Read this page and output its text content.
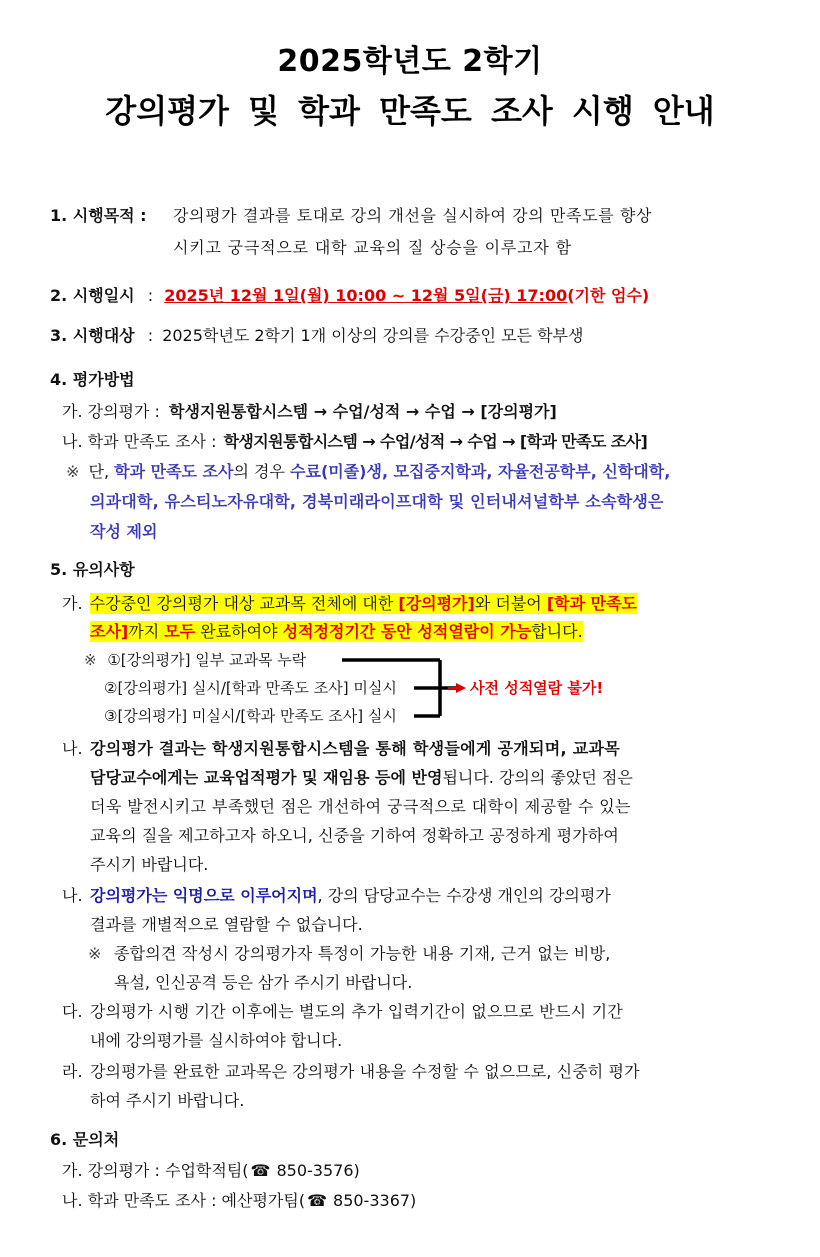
2025학년도 2학기
강의평가 및 학과 만족도 조사 시행 안내
1. 시행목적 : 강의평가 결과를 토대로 강의 개선을 실시하여 강의 만족도를 향상
시키고 궁극적으로 대학 교육의 질 상승을 이루고자 함
2. 시행일시 : 2025년 12월 1일(월) 10:00 ~ 12월 5일(금) 17:00(기한 엄수)
3. 시행대상 : 2025학년도 2학기 1개 이상의 강의를 수강중인 모든 학부생
4. 평가방법
가. 강의평가 : 학생지원통합시스템 → 수업/성적 → 수업 → [강의평가]
나. 학과 만족도 조사 : 학생지원통합시스템 → 수업/성적 → 수업 → [학과 만족도 조사]
※ 단, 학과 만족도 조사의 경우 수료(미졸)생, 모집중지학과, 자율전공학부, 신학대학,
의과대학, 유스티노자유대학, 경북미래라이프대학 및 인터내셔널학부 소속학생은
작성 제외
5. 유의사항
가. 수강중인 강의평가 대상 교과목 전체에 대한 [강의평가]와 더불어 [학과 만족도
조사]까지 모두 완료하여야 성적정정기간 동안 성적열람이 가능합니다.
※ ①[강의평가] 일부 교과목 누락
②[강의평가] 실시/[학과 만족도 조사] 미실시
③[강의평가] 미실시/[학과 만족도 조사] 실시
사전 성적열람 불가!
나. 강의평가 결과는 학생지원통합시스템을 통해 학생들에게 공개되며, 교과목
담당교수에게는 교육업적평가 및 재임용 등에 반영됩니다. 강의의 좋았던 점은
더욱 발전시키고 부족했던 점은 개선하여 궁극적으로 대학이 제공할 수 있는
교육의 질을 제고하고자 하오니, 신중을 기하여 정확하고 공정하게 평가하여
주시기 바랍니다.
나. 강의평가는 익명으로 이루어지며, 강의 담당교수는 수강생 개인의 강의평가
결과를 개별적으로 열람할 수 없습니다.
※ 종합의견 작성시 강의평가자 특정이 가능한 내용 기재, 근거 없는 비방,
욕설, 인신공격 등은 삼가 주시기 바랍니다.
다. 강의평가 시행 기간 이후에는 별도의 추가 입력기간이 없으므로 반드시 기간
내에 강의평가를 실시하여야 합니다.
라. 강의평가를 완료한 교과목은 강의평가 내용을 수정할 수 없으므로, 신중히 평가
하여 주시기 바랍니다.
6. 문의처
가. 강의평가 : 수업학적팀( ☎ 850-3576)
나. 학과 만족도 조사 : 예산평가팀( ☎ 850-3367)
